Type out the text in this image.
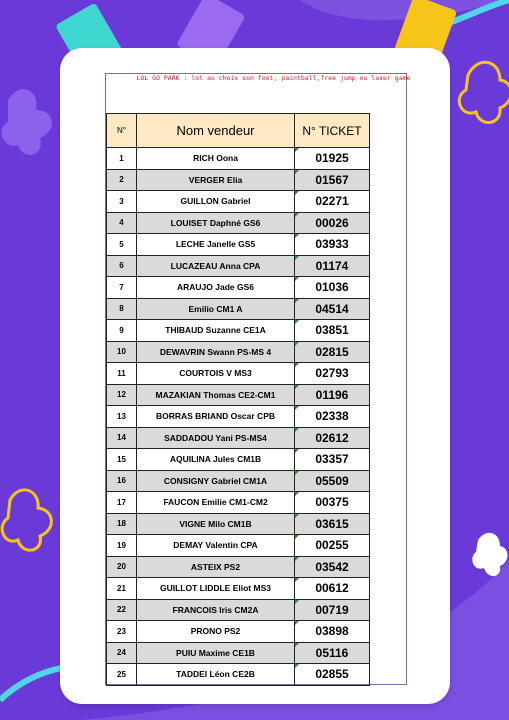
	LOL GO PARK : lot au choix son foot, paintball,free jump ou laser game	
N°	Nom vendeur	N° TICKET
1	RICH Oona	01925
2	VERGER Elia	01567
3	GUILLON Gabriel	02271
4	LOUISET Daphné GS6	00026
5	LECHE Janelle GS5	03933
6	LUCAZEAU Anna CPA	01174
7	ARAUJO Jade GS6	01036
8	Emilio CM1 A	04514
9	THIBAUD Suzanne CE1A	03851
10	DEWAVRIN Swann PS-MS 4	02815
11	COURTOIS V MS3	02793
12	MAZAKIAN Thomas CE2-CM1	01196
13	BORRAS BRIAND Oscar CPB	02338
14	SADDADOU Yani PS-MS4	02612
15	AQUILINA Jules CM1B	03357
16	CONSIGNY Gabriel CM1A	05509
17	FAUCON Emilie CM1-CM2	00375
18	VIGNE Milo CM1B	03615
19	DEMAY Valentin CPA	00255
20	ASTEIX PS2	03542
21	GUILLOT LIDDLE Eliot MS3	00612
22	FRANCOIS Iris CM2A	00719
23	PRONO PS2	03898
24	PUIU Maxime CE1B	05116
25	TADDEI Léon CE2B	02855
